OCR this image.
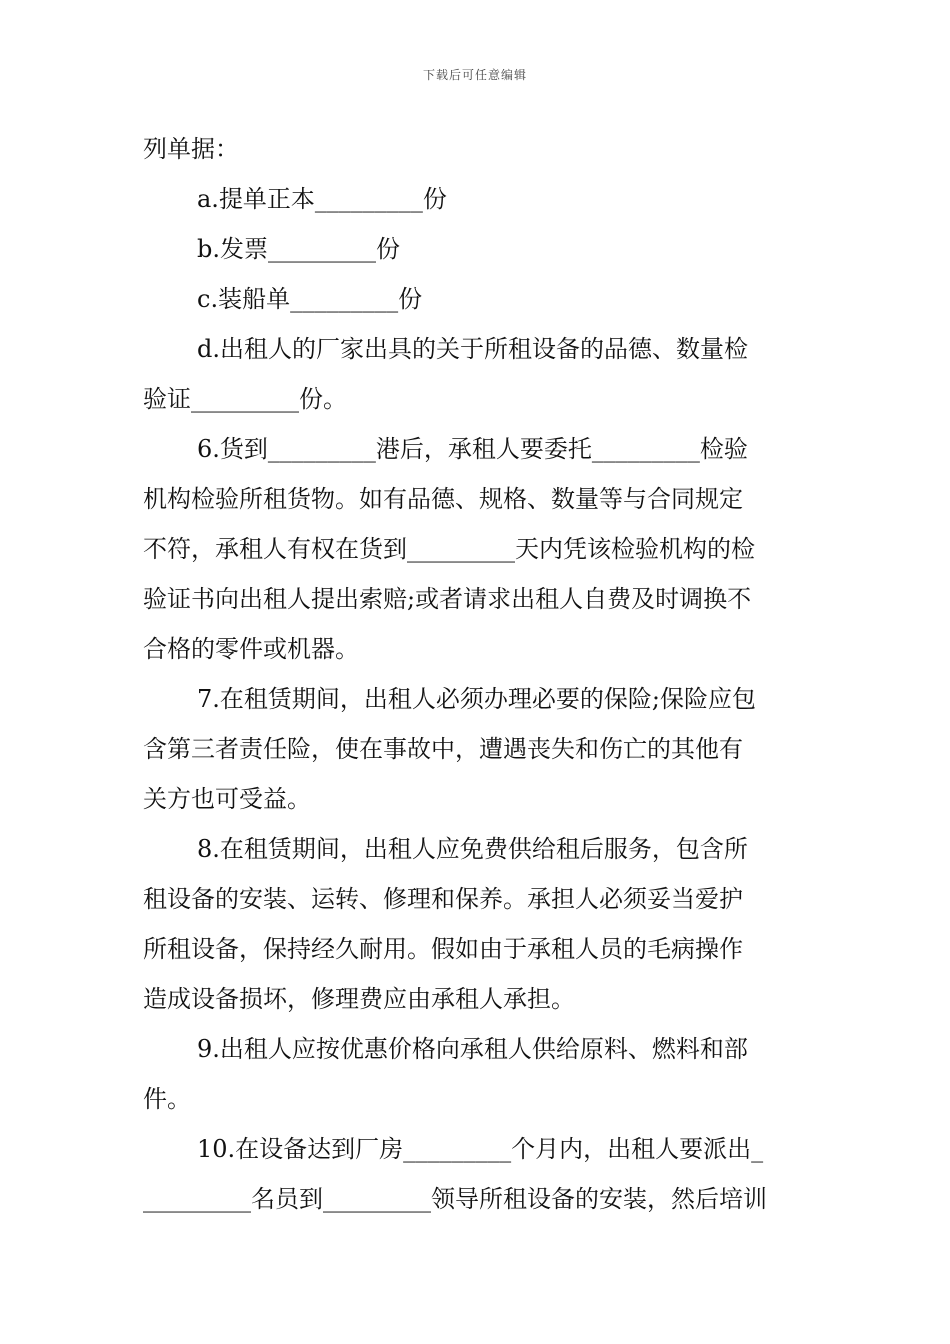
下载后可任意编辑
列单据：
a.提单正本_________份
b.发票_________份
c.装船单_________份
d.出租人的厂家出具的关于所租设备的品德、数量检
验证_________份。
6.货到_________港后，承租人要委托_________检验
机构检验所租货物。如有品德、规格、数量等与合同规定
不符，承租人有权在货到_________天内凭该检验机构的检
验证书向出租人提出索赔;或者请求出租人自费及时调换不
合格的零件或机器。
7.在租赁期间，出租人必须办理必要的保险;保险应包
含第三者责任险，使在事故中，遭遇丧失和伤亡的其他有
关方也可受益。
8.在租赁期间，出租人应免费供给租后服务，包含所
租设备的安装、运转、修理和保养。承担人必须妥当爱护
所租设备，保持经久耐用。假如由于承租人员的毛病操作
造成设备损坏，修理费应由承租人承担。
9.出租人应按优惠价格向承租人供给原料、燃料和部
件。
10.在设备达到厂房_________个月内，出租人要派出_
_________名员到_________领导所租设备的安装，然后培训
